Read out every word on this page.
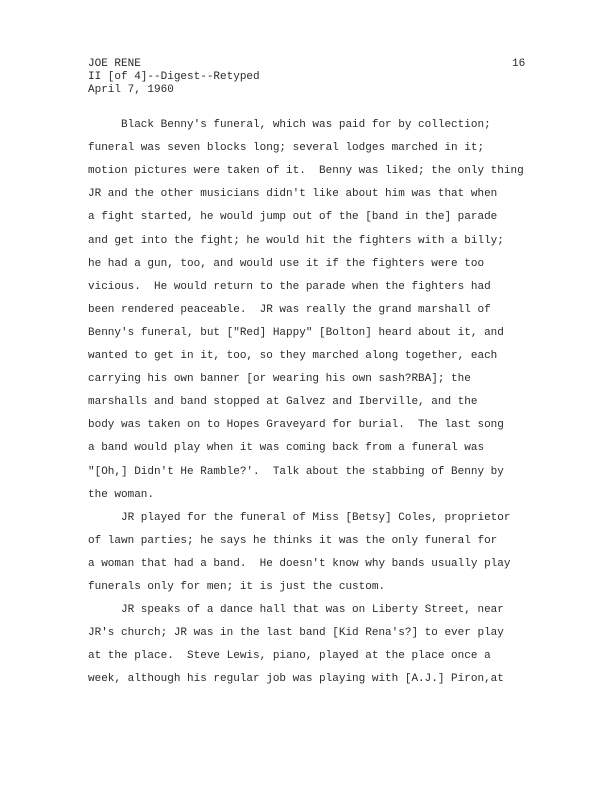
JOE RENE
II [of 4]--Digest--Retyped
April 7, 1960
16
Black Benny's funeral, which was paid for by collection;
funeral was seven blocks long; several lodges marched in it;
motion pictures were taken of it.  Benny was liked; the only thing
JR and the other musicians didn't like about him was that when
a fight started, he would jump out of the [band in the] parade
and get into the fight; he would hit the fighters with a billy;
he had a gun, too, and would use it if the fighters were too
vicious.  He would return to the parade when the fighters had
been rendered peaceable.  JR was really the grand marshall of
Benny's funeral, but ["Red] Happy" [Bolton] heard about it, and
wanted to get in it, too, so they marched along together, each
carrying his own banner [or wearing his own sash?RBA]; the
marshalls and band stopped at Galvez and Iberville, and the
body was taken on to Hopes Graveyard for burial.  The last song
a band would play when it was coming back from a funeral was
"[Oh,] Didn't He Ramble?'.  Talk about the stabbing of Benny by
the woman.
JR played for the funeral of Miss [Betsy] Coles, proprietor
of lawn parties; he says he thinks it was the only funeral for
a woman that had a band.  He doesn't know why bands usually play
funerals only for men; it is just the custom.
JR speaks of a dance hall that was on Liberty Street, near
JR's church; JR was in the last band [Kid Rena's?] to ever play
at the place.  Steve Lewis, piano, played at the place once a
week, although his regular job was playing with [A.J.] Piron,at
